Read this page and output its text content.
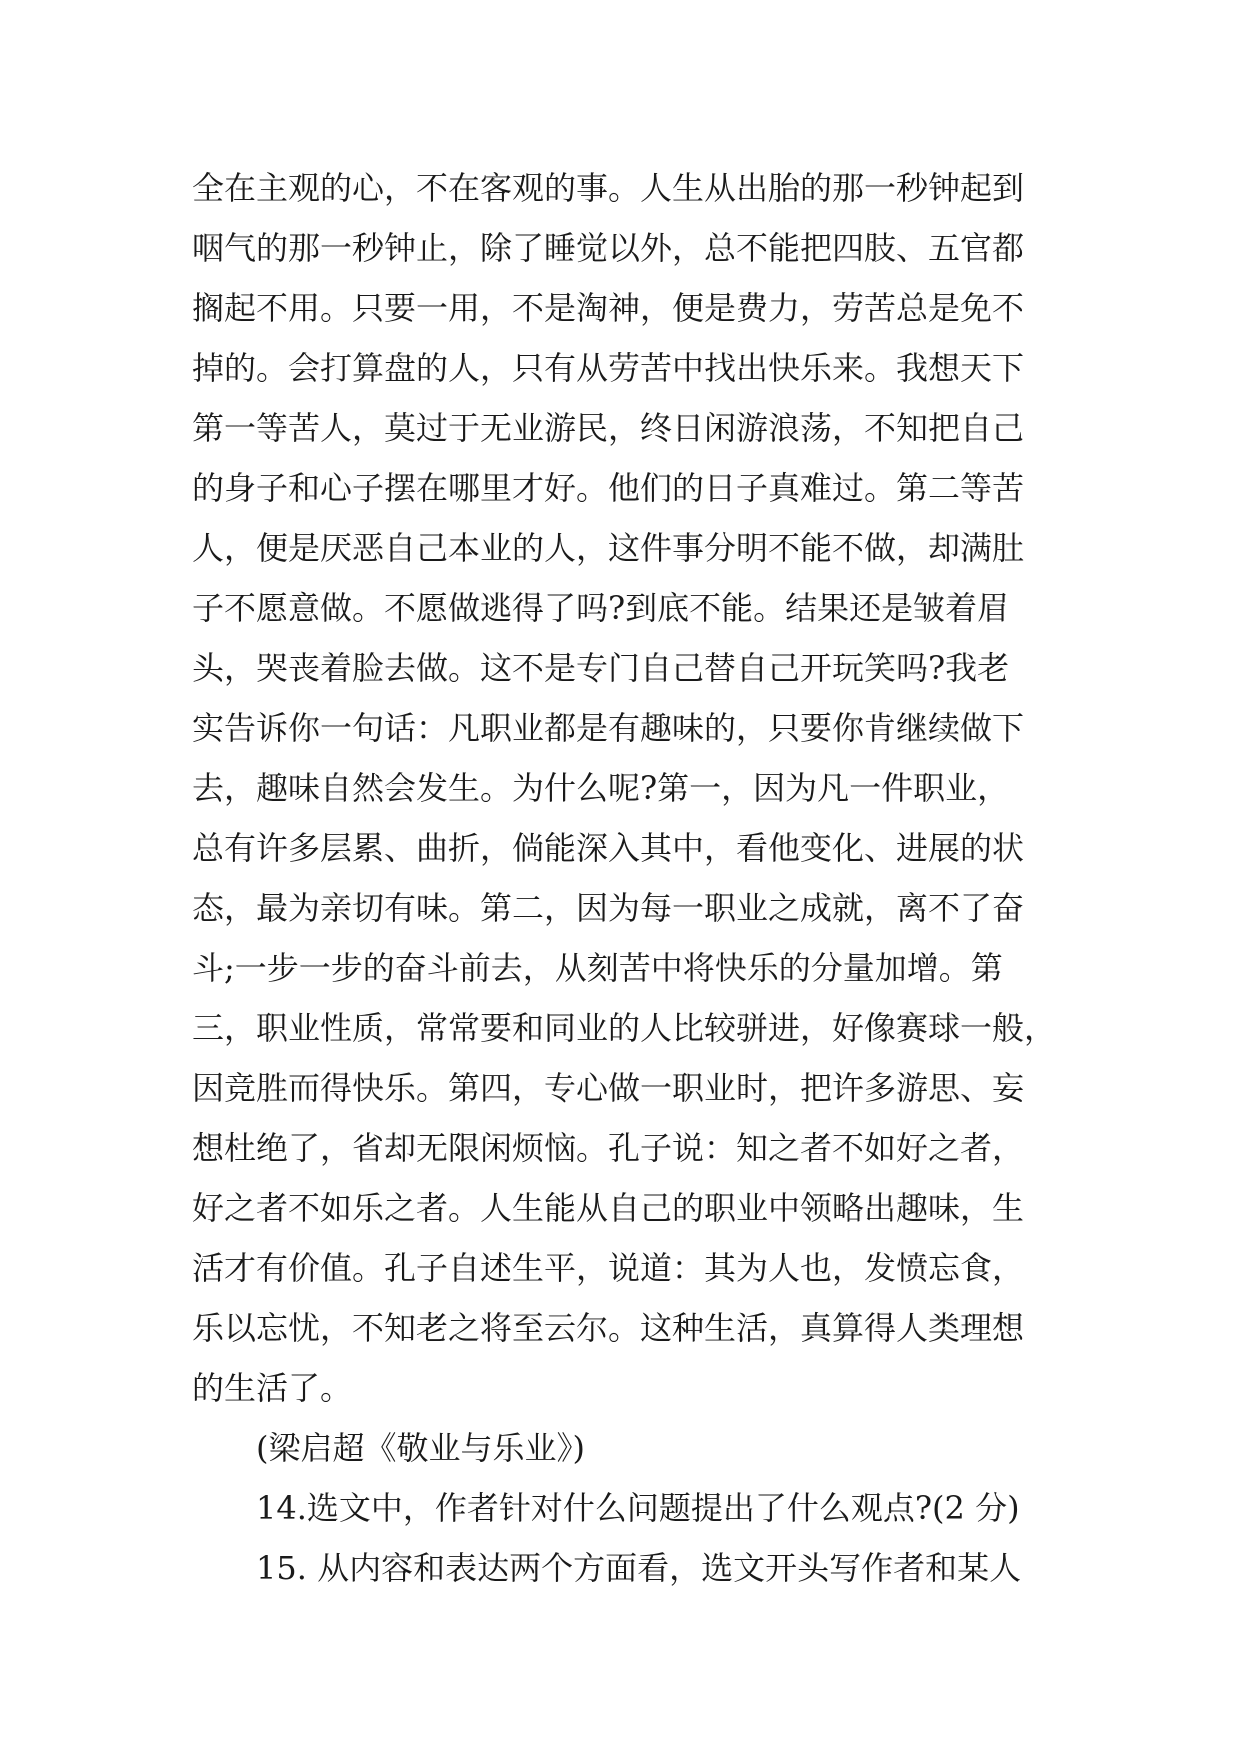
全在主观的心，不在客观的事。人生从出胎的那一秒钟起到
咽气的那一秒钟止，除了睡觉以外，总不能把四肢、五官都
搁起不用。只要一用，不是淘神，便是费力，劳苦总是免不
掉的。会打算盘的人，只有从劳苦中找出快乐来。我想天下
第一等苦人，莫过于无业游民，终日闲游浪荡，不知把自己
的身子和心子摆在哪里才好。他们的日子真难过。第二等苦
人，便是厌恶自己本业的人，这件事分明不能不做，却满肚
子不愿意做。不愿做逃得了吗?到底不能。结果还是皱着眉
头，哭丧着脸去做。这不是专门自己替自己开玩笑吗?我老
实告诉你一句话：凡职业都是有趣味的，只要你肯继续做下
去，趣味自然会发生。为什么呢?第一，因为凡一件职业，
总有许多层累、曲折，倘能深入其中，看他变化、进展的状
态，最为亲切有味。第二，因为每一职业之成就，离不了奋
斗;一步一步的奋斗前去，从刻苦中将快乐的分量加增。第
三，职业性质，常常要和同业的人比较骈进，好像赛球一般，
因竞胜而得快乐。第四，专心做一职业时，把许多游思、妄
想杜绝了，省却无限闲烦恼。孔子说：知之者不如好之者，
好之者不如乐之者。人生能从自己的职业中领略出趣味，生
活才有价值。孔子自述生平，说道：其为人也，发愤忘食，
乐以忘忧，不知老之将至云尔。这种生活，真算得人类理想
的生活了。
(梁启超《敬业与乐业》)
14.选文中，作者针对什么问题提出了什么观点?(2 分)
15. 从内容和表达两个方面看，选文开头写作者和某人
